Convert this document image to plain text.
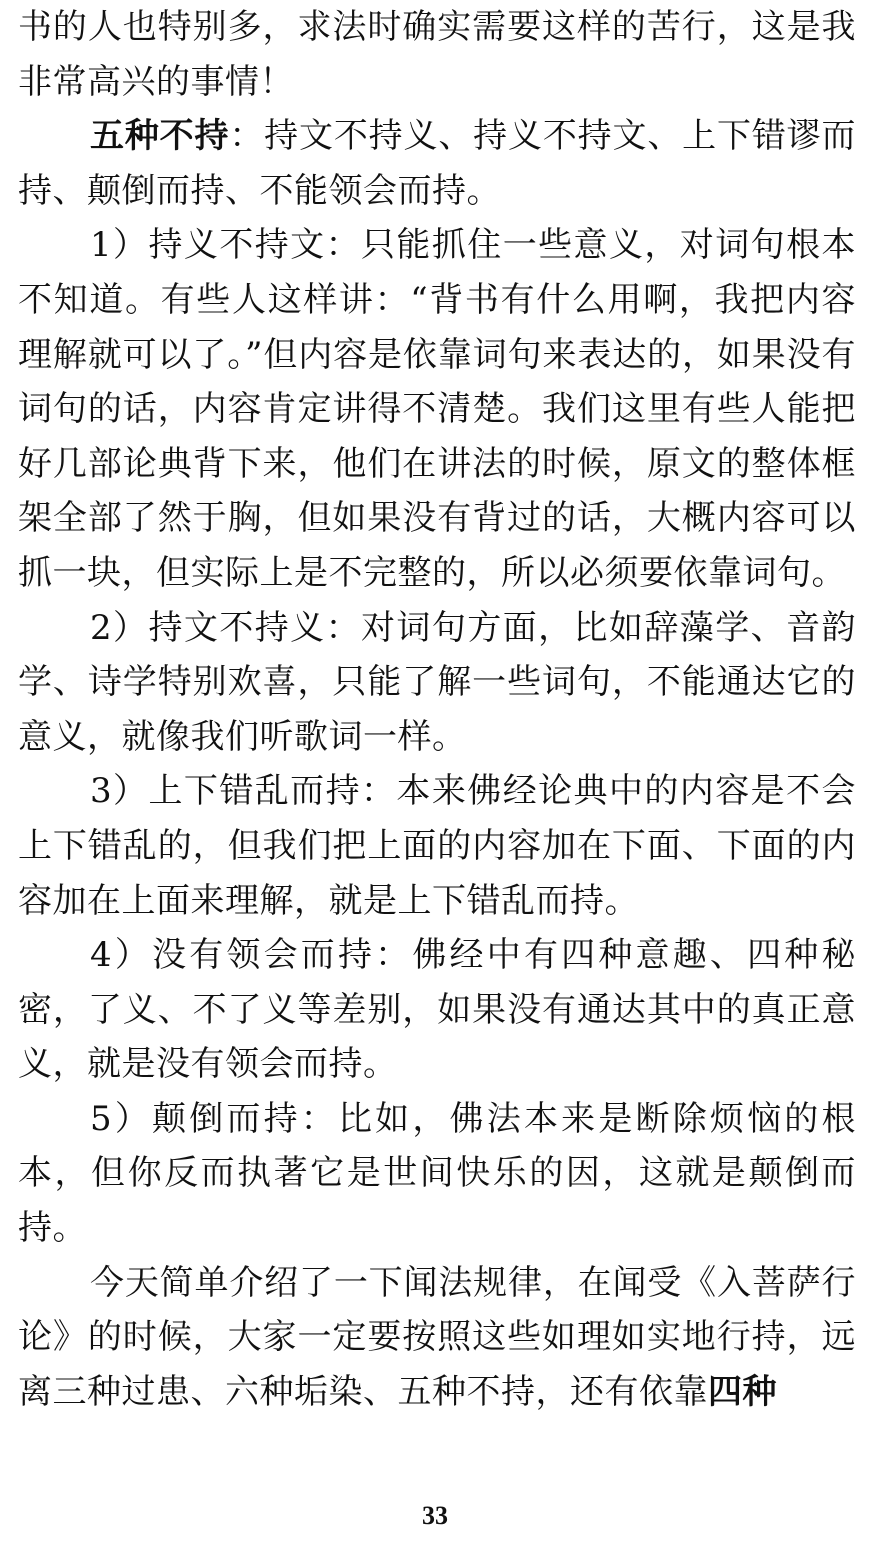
书的人也特别多，求法时确实需要这样的苦行，这是我非常高兴的事情！

五种不持：持文不持义、持义不持文、上下错谬而持、颠倒而持、不能领会而持。

1）持义不持文：只能抓住一些意义，对词句根本不知道。有些人这样讲：“背书有什么用啊，我把内容理解就可以了。”但内容是依靠词句来表达的，如果没有词句的话，内容肯定讲得不清楚。我们这里有些人能把好几部论典背下来，他们在讲法的时候，原文的整体框架全部了然于胸，但如果没有背过的话，大概内容可以抓一块，但实际上是不完整的，所以必须要依靠词句。

2）持文不持义：对词句方面，比如辞藻学、音韵学、诗学特别欢喜，只能了解一些词句，不能通达它的意义，就像我们听歌词一样。

3）上下错乱而持：本来佛经论典中的内容是不会上下错乱的，但我们把上面的内容加在下面、下面的内容加在上面来理解，就是上下错乱而持。

4）没有领会而持：佛经中有四种意趣、四种秘密，了义、不了义等差别，如果没有通达其中的真正意义，就是没有领会而持。

5）颠倒而持：比如，佛法本来是断除烦恼的根本，但你反而执著它是世间快乐的因，这就是颠倒而持。

今天简单介绍了一下闻法规律，在闻受《入菩萨行论》的时候，大家一定要按照这些如理如实地行持，远离三种过患、六种垢染、五种不持，还有依靠四种

33
